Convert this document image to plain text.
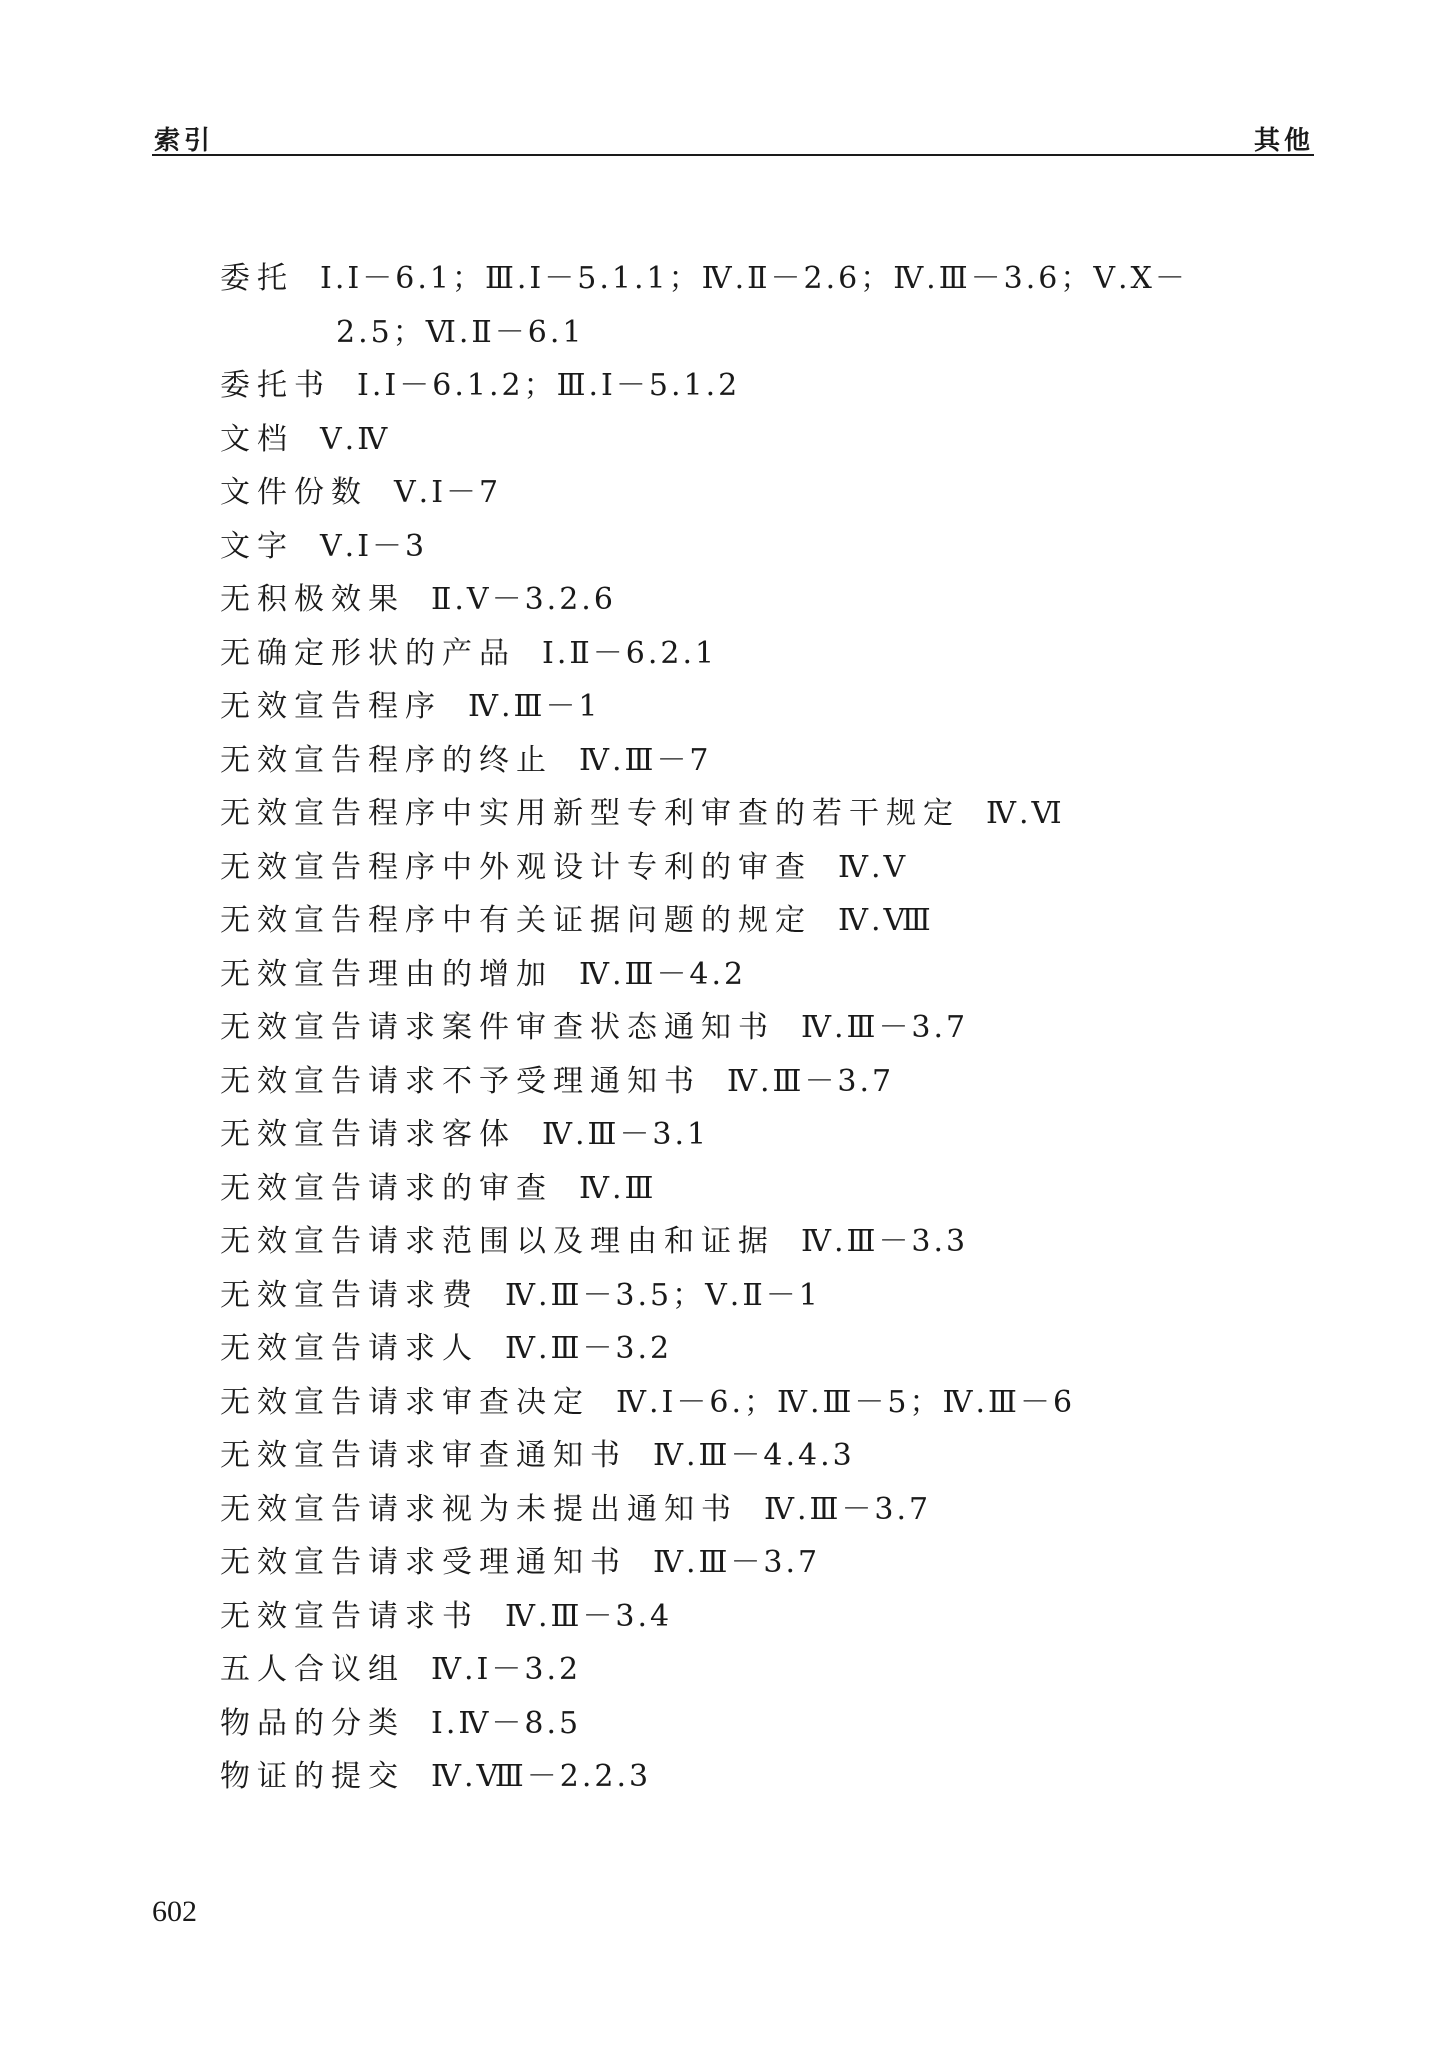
索引	其他
委托 Ⅰ.Ⅰ－6.1；Ⅲ.Ⅰ－5.1.1；Ⅳ.Ⅱ－2.6；Ⅳ.Ⅲ－3.6；Ⅴ.Ⅹ－
2.5；Ⅵ.Ⅱ－6.1
委托书 Ⅰ.Ⅰ－6.1.2；Ⅲ.Ⅰ－5.1.2
文档 Ⅴ.Ⅳ
文件份数 Ⅴ.Ⅰ－7
文字 Ⅴ.Ⅰ－3
无积极效果 Ⅱ.Ⅴ－3.2.6
无确定形状的产品 Ⅰ.Ⅱ－6.2.1
无效宣告程序 Ⅳ.Ⅲ－1
无效宣告程序的终止 Ⅳ.Ⅲ－7
无效宣告程序中实用新型专利审查的若干规定 Ⅳ.Ⅵ
无效宣告程序中外观设计专利的审查 Ⅳ.Ⅴ
无效宣告程序中有关证据问题的规定 Ⅳ.Ⅷ
无效宣告理由的增加 Ⅳ.Ⅲ－4.2
无效宣告请求案件审查状态通知书 Ⅳ.Ⅲ－3.7
无效宣告请求不予受理通知书 Ⅳ.Ⅲ－3.7
无效宣告请求客体 Ⅳ.Ⅲ－3.1
无效宣告请求的审查 Ⅳ.Ⅲ
无效宣告请求范围以及理由和证据 Ⅳ.Ⅲ－3.3
无效宣告请求费 Ⅳ.Ⅲ－3.5；Ⅴ.Ⅱ－1
无效宣告请求人 Ⅳ.Ⅲ－3.2
无效宣告请求审查决定 Ⅳ.Ⅰ－6.；Ⅳ.Ⅲ－5；Ⅳ.Ⅲ－6
无效宣告请求审查通知书 Ⅳ.Ⅲ－4.4.3
无效宣告请求视为未提出通知书 Ⅳ.Ⅲ－3.7
无效宣告请求受理通知书 Ⅳ.Ⅲ－3.7
无效宣告请求书 Ⅳ.Ⅲ－3.4
五人合议组 Ⅳ.Ⅰ－3.2
物品的分类 Ⅰ.Ⅳ－8.5
物证的提交 Ⅳ.Ⅷ－2.2.3
602
